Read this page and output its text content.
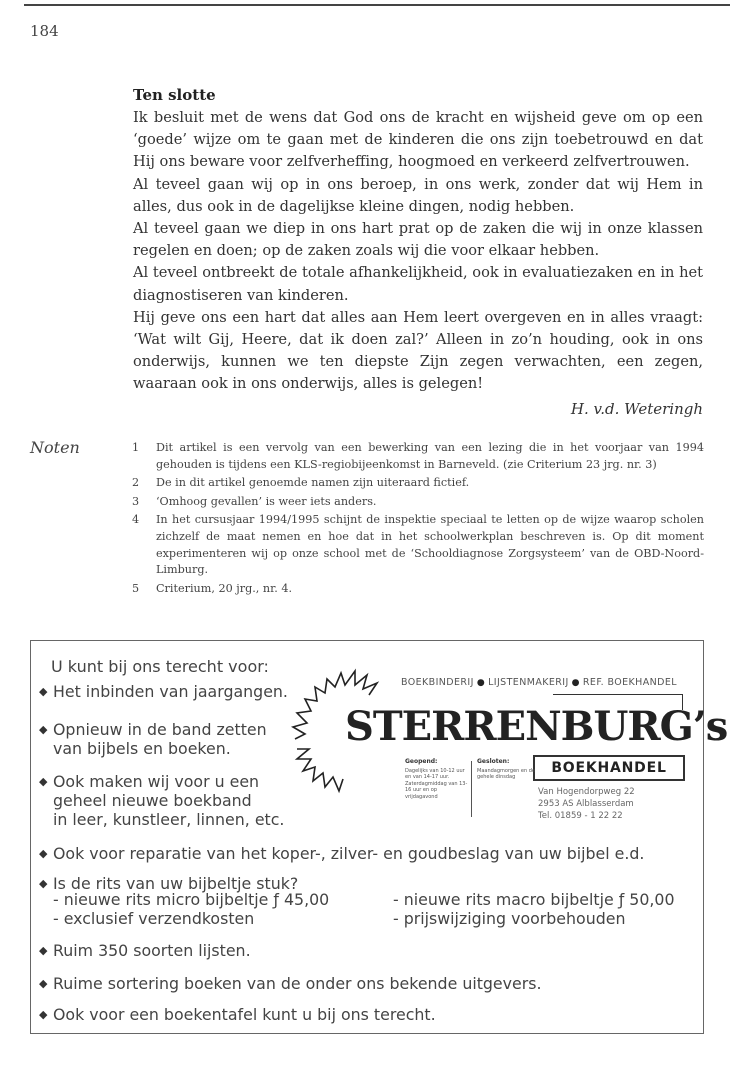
184
Ten slotte

Ik besluit met de wens dat God ons de kracht en wijsheid geve om op een ‘goede’ wijze om te gaan met de kinderen die ons zijn toebetrouwd en dat Hij ons beware voor zelfverheffing, hoogmoed en verkeerd zelfvertrouwen.

Al teveel gaan wij op in ons beroep, in ons werk, zonder dat wij Hem in alles, dus ook in de dagelijkse kleine dingen, nodig hebben.

Al teveel gaan we diep in ons hart prat op de zaken die wij in onze klassen regelen en doen; op de zaken zoals wij die voor elkaar hebben.

Al teveel ontbreekt de totale afhankelijkheid, ook in evaluatiezaken en in het diagnostiseren van kinderen.

Hij geve ons een hart dat alles aan Hem leert overgeven en in alles vraagt: ‘Wat wilt Gij, Heere, dat ik doen zal?’ Alleen in zo’n houding, ook in ons onderwijs, kunnen we ten diepste Zijn zegen verwachten, een zegen, waaraan ook in ons onderwijs, alles is gelegen!

H. v.d. Weteringh
Noten	1 Dit artikel is een vervolg van een bewerking van een lezing die in het voorjaar van 1994 gehouden is tijdens een KLS-regiobijeenkomst in Barneveld. (zie Criterium 23 jrg. nr. 3)
2 De in dit artikel genoemde namen zijn uiteraard fictief.
3 ‘Omhoog gevallen’ is weer iets anders.
4 In het cursusjaar 1994/1995 schijnt de inspektie speciaal te letten op de wijze waarop scholen zichzelf de maat nemen en hoe dat in het schoolwerkplan beschreven is. Op dit moment experimenteren wij op onze school met de ‘Schooldiagnose Zorgsysteem’ van de OBD-Noord-Limburg.
5 Criterium, 20 jrg., nr. 4.
U kunt bij ons terecht voor:
◆ Het inbinden van jaargangen.
◆ Opnieuw in de band zetten
van bijbels en boeken.
◆ Ook maken wij voor u een
geheel nieuwe boekband
in leer, kunstleer, linnen, etc.
◆ Ook voor reparatie van het koper-, zilver- en goudbeslag van uw bijbel e.d.
◆ Is de rits van uw bijbeltje stuk?
- nieuwe rits micro bijbeltje ƒ 45,00
- exclusief verzendkosten
- nieuwe rits macro bijbeltje ƒ 50,00
- prijswijziging voorbehouden
◆ Ruim 350 soorten lijsten.
◆ Ruime sortering boeken van de onder ons bekende uitgevers.
◆ Ook voor een boekentafel kunt u bij ons terecht.
BOEKBINDERIJ ● LIJSTENMAKERIJ ● REF. BOEKHANDEL
STERRENBURG’s
BOEKHANDEL
Geopend:
Dagelijks van 10-12 uur en van 14-17 uur. Zaterdagmiddag van 13-16 uur en op vrijdagavond
Gesloten:
Maandagmorgen en de gehele dinsdag
Van Hogendorpweg 22
2953 AS Alblasserdam
Tel. 01859 - 1 22 22
